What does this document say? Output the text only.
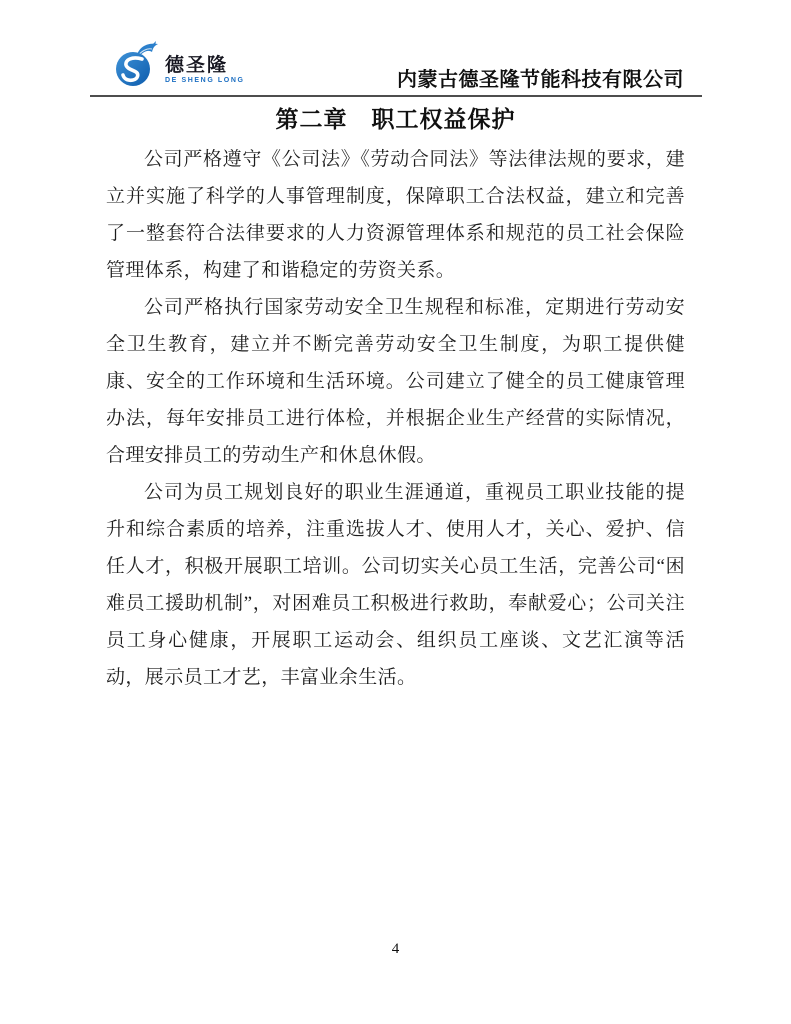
德圣隆
DE SHENG LONG	内蒙古德圣隆节能科技有限公司
第二章　职工权益保护

公司严格遵守《公司法》《劳动合同法》等法律法规的要求，建立并实施了科学的人事管理制度，保障职工合法权益，建立和完善了一整套符合法律要求的人力资源管理体系和规范的员工社会保险管理体系，构建了和谐稳定的劳资关系。

公司严格执行国家劳动安全卫生规程和标准，定期进行劳动安全卫生教育，建立并不断完善劳动安全卫生制度，为职工提供健康、安全的工作环境和生活环境。公司建立了健全的员工健康管理办法，每年安排员工进行体检，并根据企业生产经营的实际情况，合理安排员工的劳动生产和休息休假。

公司为员工规划良好的职业生涯通道，重视员工职业技能的提升和综合素质的培养，注重选拔人才、使用人才，关心、爱护、信任人才，积极开展职工培训。公司切实关心员工生活，完善公司“困难员工援助机制”，对困难员工积极进行救助，奉献爱心；公司关注员工身心健康，开展职工运动会、组织员工座谈、文艺汇演等活动，展示员工才艺，丰富业余生活。

4
